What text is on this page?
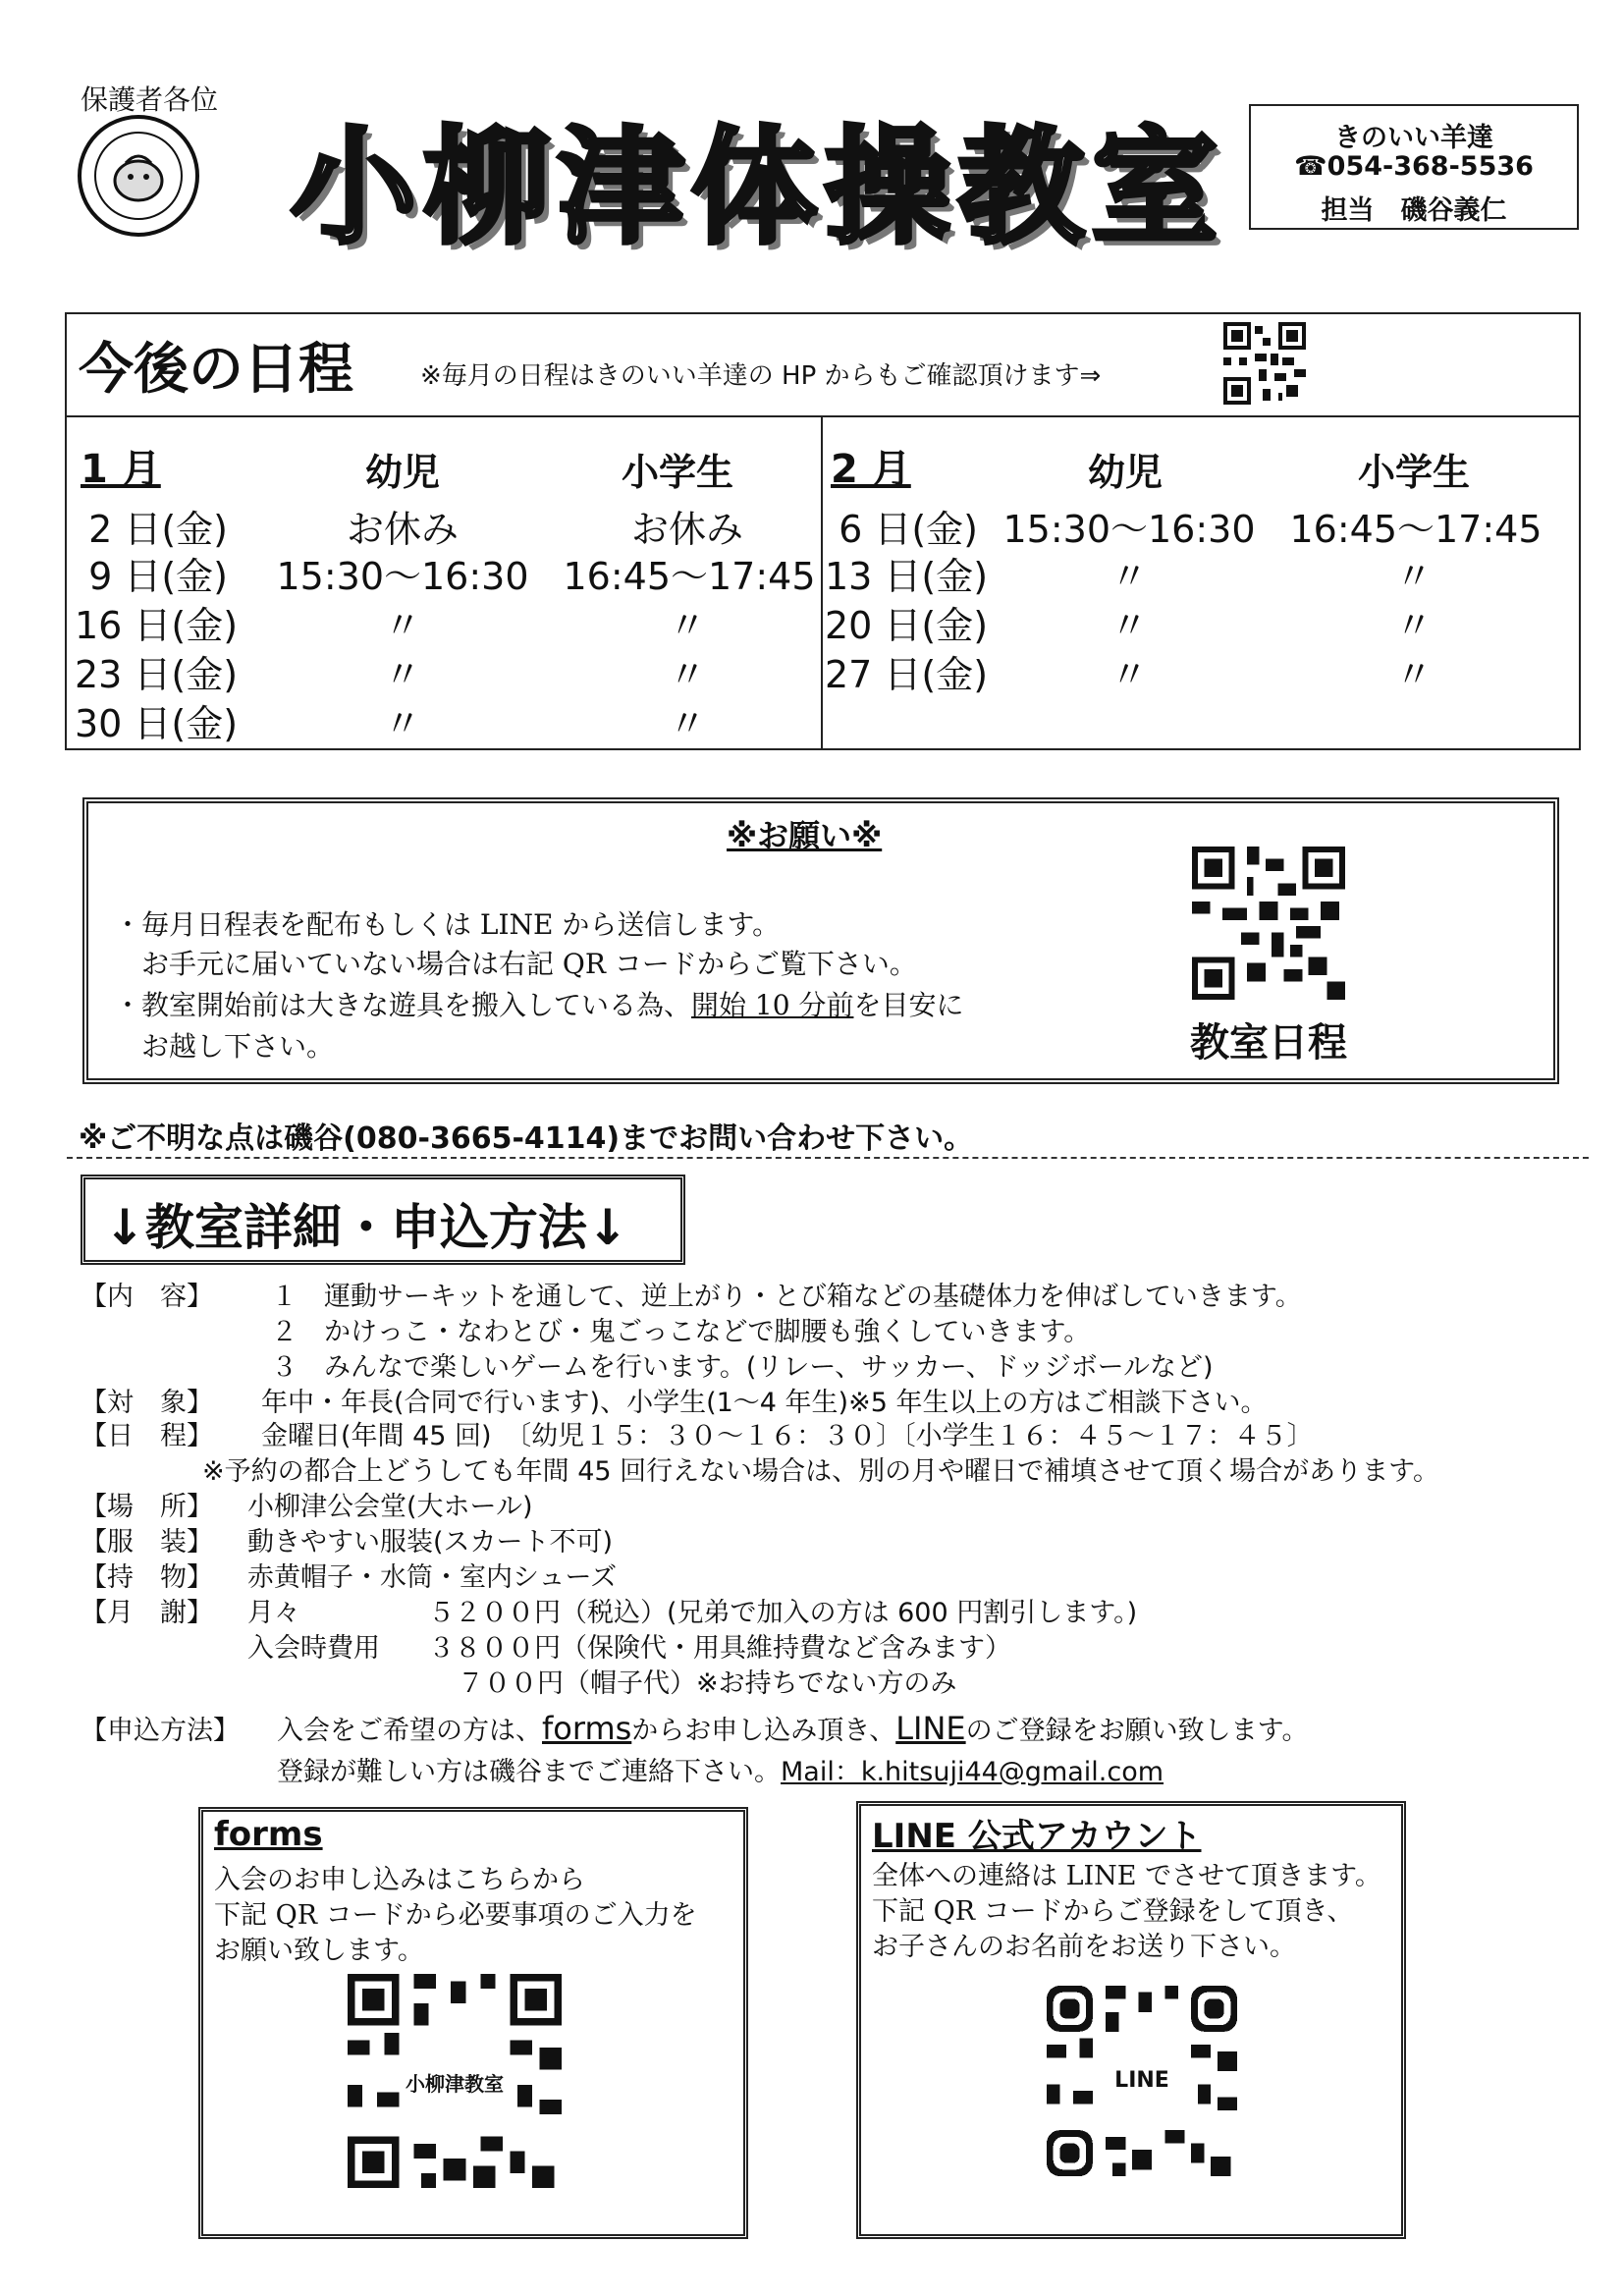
保護者各位
小柳津体操教室	きのいい羊達
☎054-368-5536
担当　磯谷義仁
今後の日程	※毎月の日程はきのいい羊達の HP からもご確認頂けます⇒
1 月	幼児	小学生
2 日(金)	お休み	お休み
9 日(金)	15:30～16:30 16:45～17:45
16 日(金)	〃	〃
23 日(金)	〃	〃
30 日(金)	〃	〃
2 月	幼児	小学生
6 日(金) 15:30～16:30 16:45～17:45
13 日(金)	〃	〃
20 日(金)	〃	〃
27 日(金)	〃	〃
※お願い※
・毎月日程表を配布もしくは LINE から送信します。
お手元に届いていない場合は右記 QR コードからご覧下さい。
・教室開始前は大きな遊具を搬入している為、開始 10 分前を目安に
お越し下さい。	教室日程
※ご不明な点は磯谷(080-3665-4114)までお問い合わせ下さい。
↓教室詳細・申込方法↓
【内　容】 １　運動サーキットを通して、逆上がり・とび箱などの基礎体力を伸ばしていきます。
２　かけっこ・なわとび・鬼ごっこなどで脚腰も強くしていきます。
３　みんなで楽しいゲームを行います。(リレー、サッカー、ドッジボールなど)
【対　象】 年中・年長(合同で行います)、小学生(1～4 年生)※5 年生以上の方はご相談下さい。
【日　程】 金曜日(年間 45 回)　〔幼児１５：３０～１６：３０〕〔小学生１６：４５～１７：４５〕
※予約の都合上どうしても年間 45 回行えない場合は、別の月や曜日で補填させて頂く場合があります。
【場　所】 小柳津公会堂(大ホール)
【服　装】 動きやすい服装(スカート不可)
【持　物】 赤黄帽子・水筒・室内シューズ
【月　謝】 月々	５２００円（税込）(兄弟で加入の方は 600 円割引します。)
入会時費用 ３８００円（保険代・用具維持費など含みます）
７００円（帽子代）※お持ちでない方のみ
【申込方法】 入会をご希望の方は、formsからお申し込み頂き、LINEのご登録をお願い致します。
登録が難しい方は磯谷までご連絡下さい。Mail：k.hitsuji44@gmail.com
forms
入会のお申し込みはこちらから
下記 QR コードから必要事項のご入力を
お願い致します。
小柳津教室
LINE 公式アカウント
全体への連絡は LINE でさせて頂きます。
下記 QR コードからご登録をして頂き、
お子さんのお名前をお送り下さい。
LINE
